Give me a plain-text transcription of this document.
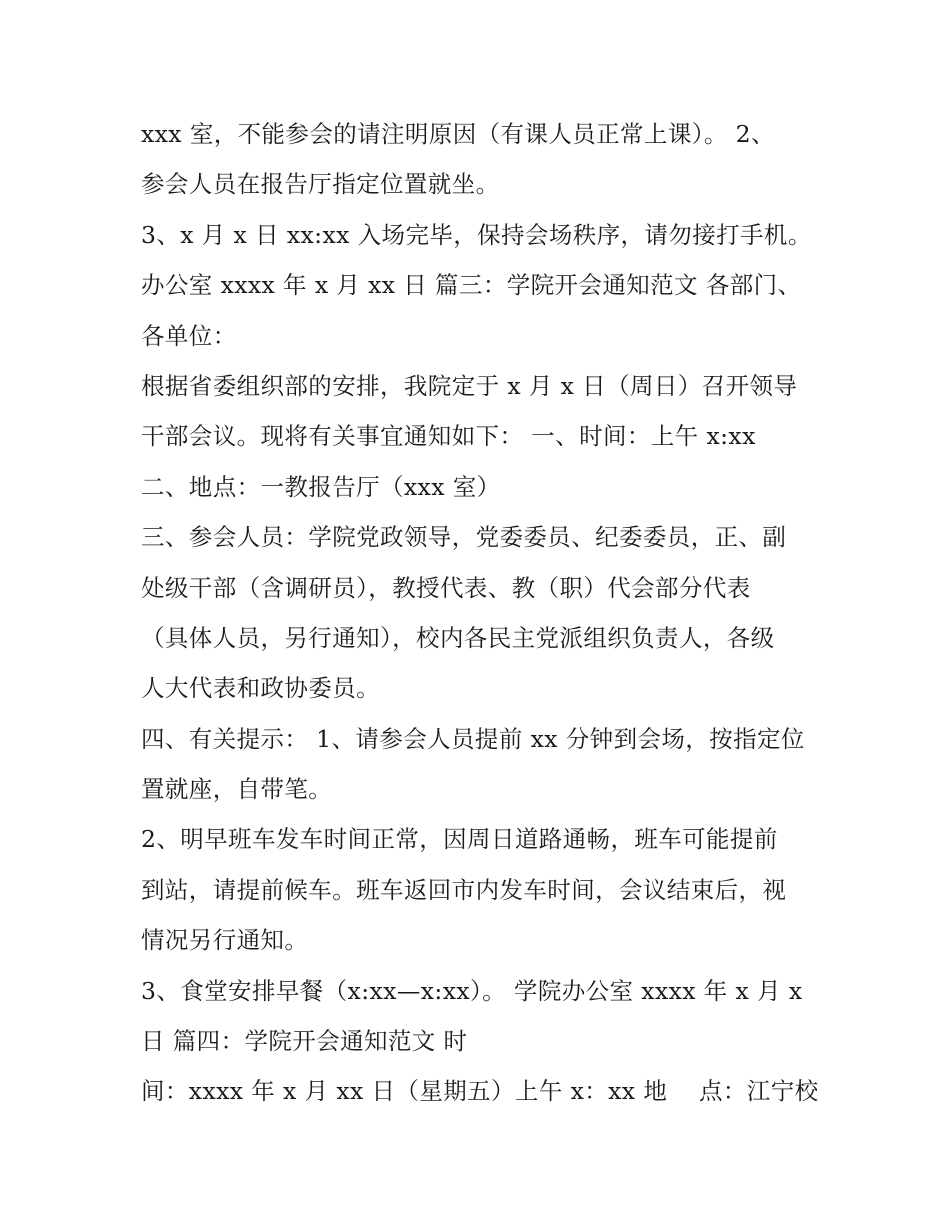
xxx 室，不能参会的请注明原因（有课人员正常上课）。 2、
参会人员在报告厅指定位置就坐。
3、x 月 x 日 xx:xx 入场完毕，保持会场秩序，请勿接打手机。
办公室 xxxx 年 x 月 xx 日 篇三：学院开会通知范文 各部门、
各单位：
根据省委组织部的安排，我院定于 x 月 x 日（周日）召开领导
干部会议。现将有关事宜通知如下： 一、时间：上午 x:xx
二、地点：一教报告厅（xxx 室）
三、参会人员：学院党政领导，党委委员、纪委委员，正、副
处级干部（含调研员），教授代表、教（职）代会部分代表
（具体人员，另行通知），校内各民主党派组织负责人，各级
人大代表和政协委员。
四、有关提示： 1、请参会人员提前 xx 分钟到会场，按指定位
置就座，自带笔。
2、明早班车发车时间正常，因周日道路通畅，班车可能提前
到站，请提前候车。班车返回市内发车时间，会议结束后，视
情况另行通知。
3、食堂安排早餐（x:xx—x:xx）。 学院办公室 xxxx 年 x 月 x
日 篇四：学院开会通知范文 时
间：xxxx 年 x 月 xx 日（星期五）上午 x：xx 地　 点：江宁校
